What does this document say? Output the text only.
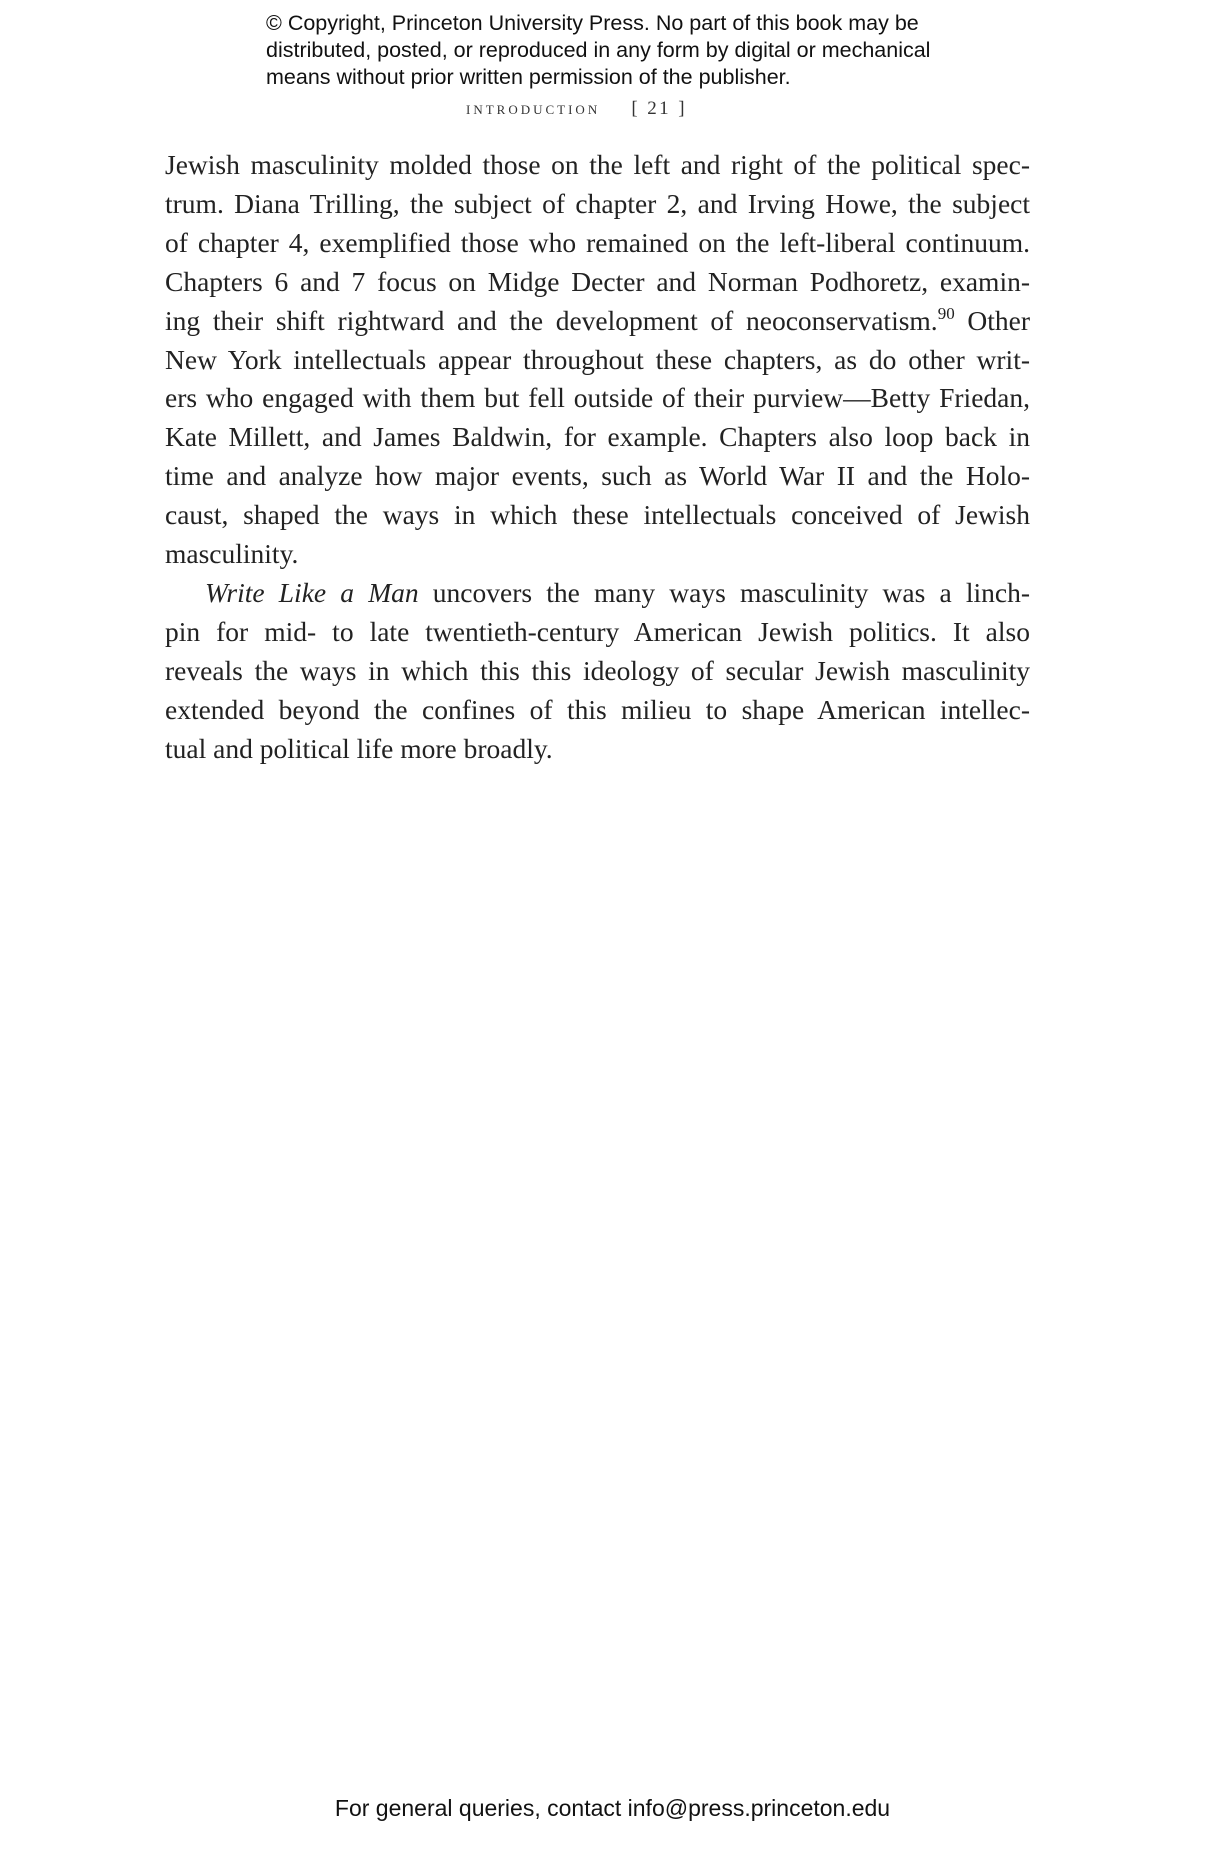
© Copyright, Princeton University Press. No part of this book may be
distributed, posted, or reproduced in any form by digital or mechanical
means without prior written permission of the publisher.
introduction [ 21 ]
Jewish masculinity molded those on the left and right of the political spec-
trum. Diana Trilling, the subject of chapter 2, and Irving Howe, the subject
of chapter 4, exemplified those who remained on the left-liberal continuum.
Chapters 6 and 7 focus on Midge Decter and Norman Podhoretz, examin-
ing their shift rightward and the development of neoconservatism.$^{90}$ Other
New York intellectuals appear throughout these chapters, as do other writ-
ers who engaged with them but fell outside of their purview—Betty Friedan,
Kate Millett, and James Baldwin, for example. Chapters also loop back in
time and analyze how major events, such as World War II and the Holo-
caust, shaped the ways in which these intellectuals conceived of Jewish
masculinity.
Write Like a Man uncovers the many ways masculinity was a linch-
pin for mid- to late twentieth-century American Jewish politics. It also
reveals the ways in which this this ideology of secular Jewish masculinity
extended beyond the confines of this milieu to shape American intellec-
tual and political life more broadly.
For general queries, contact info@press.princeton.edu
